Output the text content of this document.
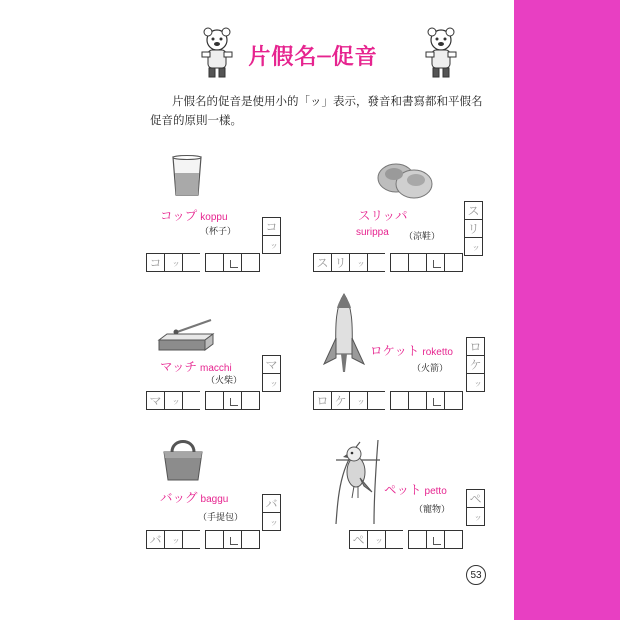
片假名─促音

片假名的促音是使用小的「ッ」表示，發音和書寫都和平假名促音的原則一樣。

コップ koppu
（杯子） コ
ッ
コ	ッ
スリッパ
surippa （涼鞋）
ス
リ
ッ
ス リ	ッ
マッチ macchi
（火柴）
マ
ッ
マ	ッ
ロケット roketto
（火箭）
ロ
ケ
ッ
ロ ケ	ッ
バッグ baggu
（手提包）
バ
ッ
バ	ッ
ペット petto
（寵物）
ペ
ッ
ペ	ッ
53
